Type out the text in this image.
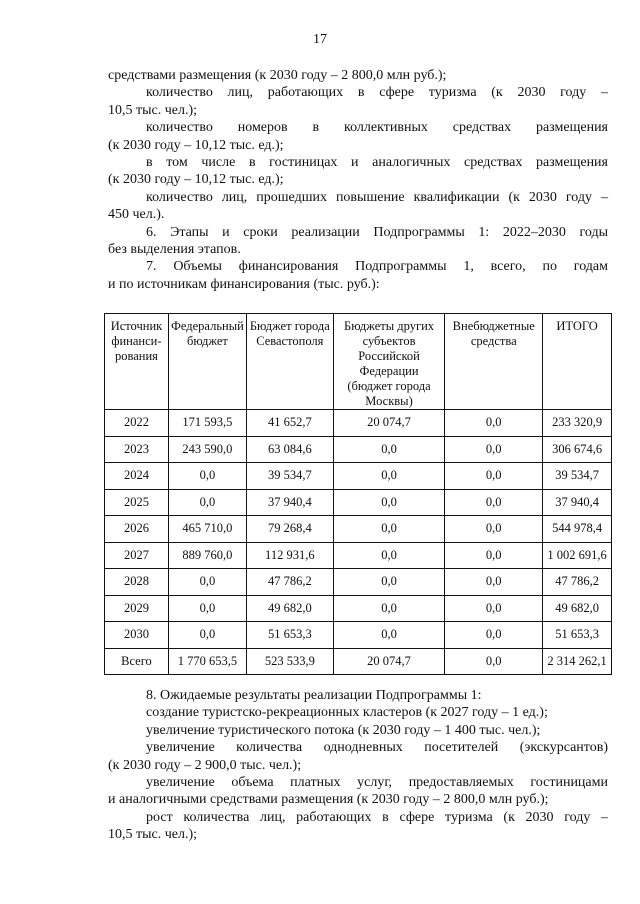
17

средствами размещения (к 2030 году – 2 800,0 млн руб.);

количество лиц, работающих в сфере туризма (к 2030 году –

10,5 тыс. чел.);

количество номеров в коллективных средствах размещения

(к 2030 году – 10,12 тыс. ед.);

в том числе в гостиницах и аналогичных средствах размещения

(к 2030 году – 10,12 тыс. ед.);

количество лиц, прошедших повышение квалификации (к 2030 году –

450 чел.).

6. Этапы и сроки реализации Подпрограммы 1: 2022–2030 годы

без выделения этапов.

7. Объемы финансирования Подпрограммы 1, всего, по годам

и по источникам финансирования (тыс. руб.):

Источник финанси-рования	Федеральный бюджет	Бюджет города Севастополя	Бюджеты других субъектов Российской Федерации (бюджет города Москвы)	Внебюджетные средства	ИТОГО
2022	171 593,5	41 652,7	20 074,7	0,0	233 320,9
2023	243 590,0	63 084,6	0,0	0,0	306 674,6
2024	0,0	39 534,7	0,0	0,0	39 534,7
2025	0,0	37 940,4	0,0	0,0	37 940,4
2026	465 710,0	79 268,4	0,0	0,0	544 978,4
2027	889 760,0	112 931,6	0,0	0,0	1 002 691,6
2028	0,0	47 786,2	0,0	0,0	47 786,2
2029	0,0	49 682,0	0,0	0,0	49 682,0
2030	0,0	51 653,3	0,0	0,0	51 653,3
Всего	1 770 653,5	523 533,9	20 074,7	0,0	2 314 262,1

8. Ожидаемые результаты реализации Подпрограммы 1:

создание туристско-рекреационных кластеров (к 2027 году – 1 ед.);

увеличение туристического потока (к 2030 году – 1 400 тыс. чел.);

увеличение количества однодневных посетителей (экскурсантов)

(к 2030 году – 2 900,0 тыс. чел.);

увеличение объема платных услуг, предоставляемых гостиницами

и аналогичными средствами размещения (к 2030 году – 2 800,0 млн руб.);

рост количества лиц, работающих в сфере туризма (к 2030 году –

10,5 тыс. чел.);
